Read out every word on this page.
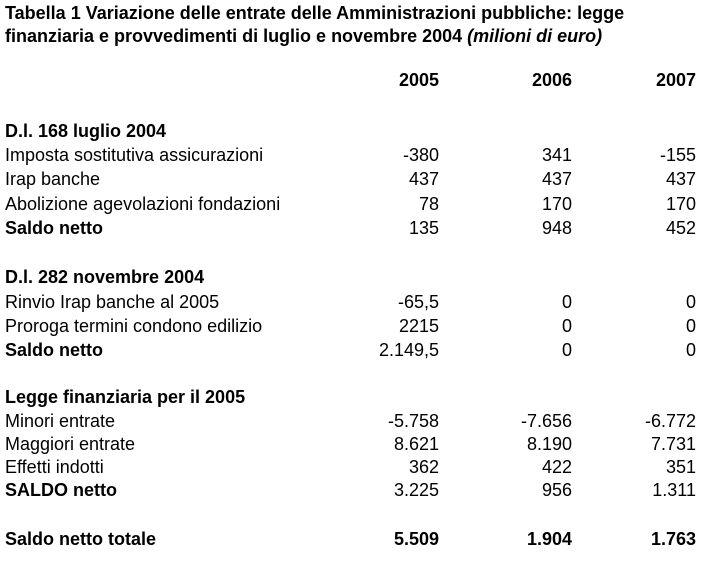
Tabella 1 Variazione delle entrate delle Amministrazioni pubbliche: legge finanziaria e provvedimenti di luglio e novembre 2004 (milioni di euro)
2005	2006	2007
D.l. 168 luglio 2004
Imposta sostitutiva assicurazioni	-380	341	-155
Irap banche	437	437	437
Abolizione agevolazioni fondazioni	78	170	170
Saldo netto	135	948	452
D.l. 282 novembre 2004
Rinvio Irap banche al 2005	-65,5	0	0
Proroga termini condono edilizio	2215	0	0
Saldo netto	2.149,5	0	0
Legge finanziaria per il 2005
Minori entrate	-5.758	-7.656	-6.772
Maggiori entrate	8.621	8.190	7.731
Effetti indotti	362	422	351
SALDO netto	3.225	956	1.311
Saldo netto totale	5.509	1.904	1.763
